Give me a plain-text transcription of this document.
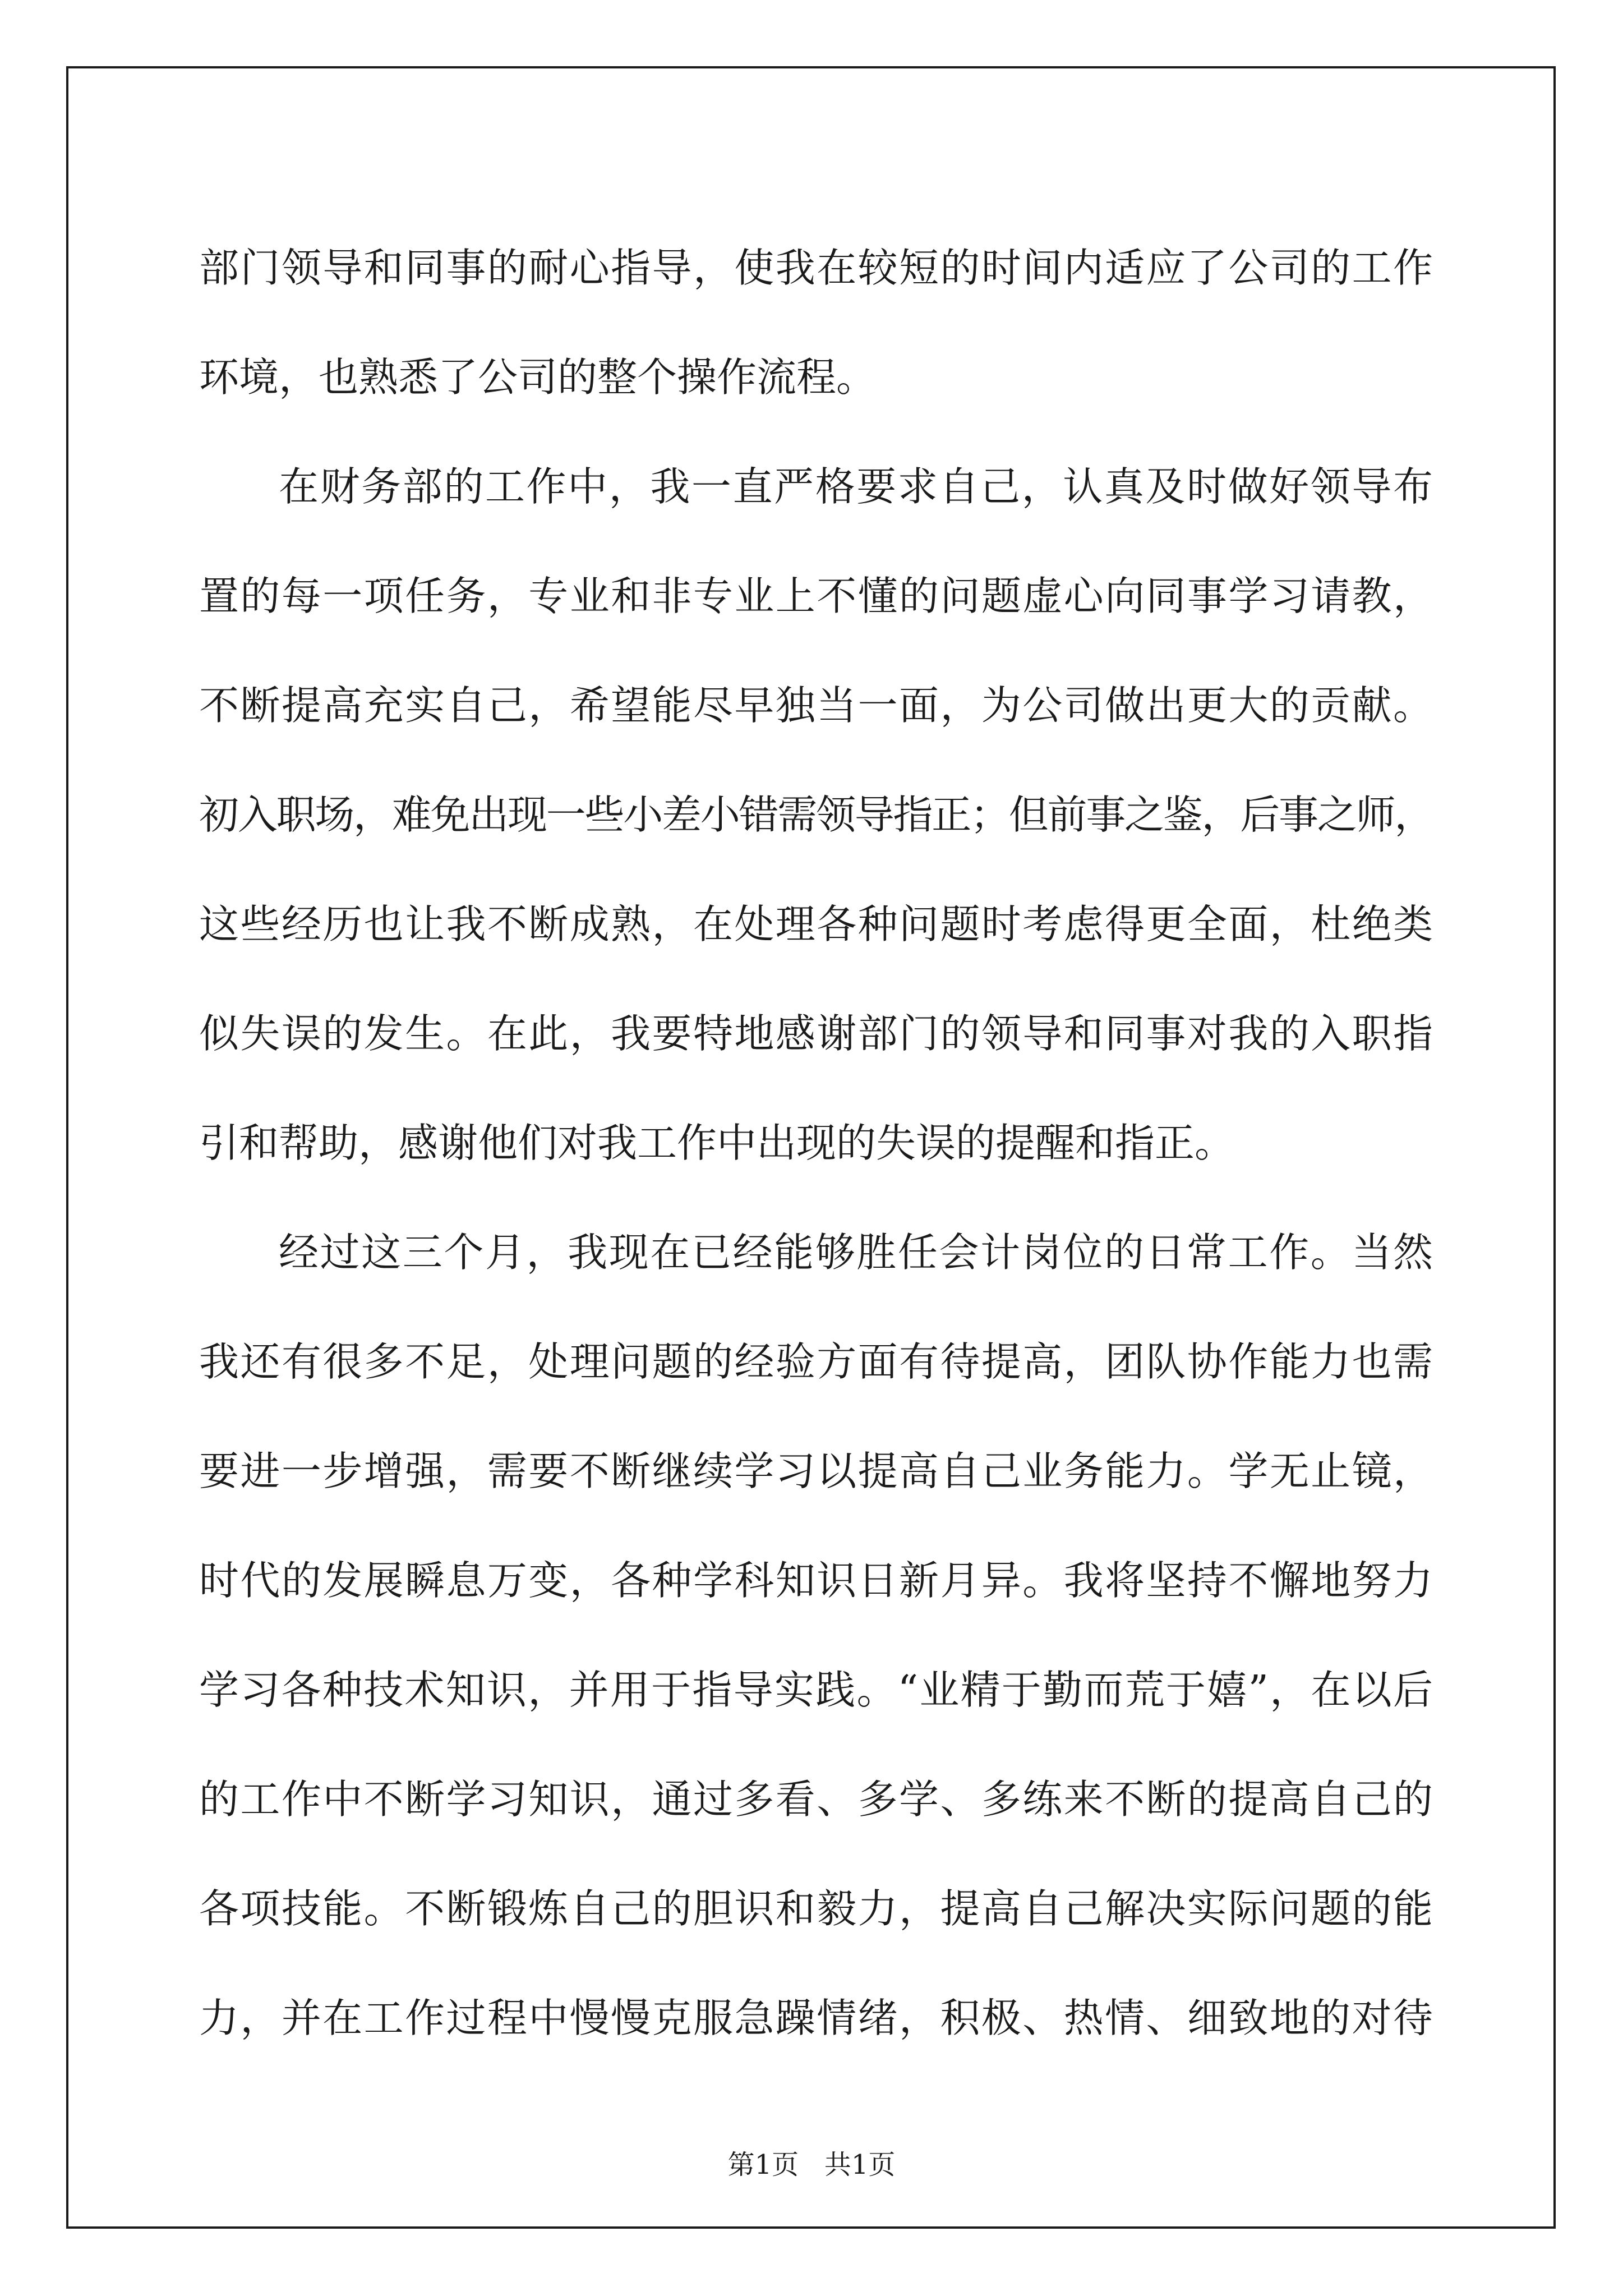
部门领导和同事的耐心指导，使我在较短的时间内适应了公司的工作
环境，也熟悉了公司的整个操作流程。
在财务部的工作中，我一直严格要求自己，认真及时做好领导布
置的每一项任务，专业和非专业上不懂的问题虚心向同事学习请教，
不断提高充实自己，希望能尽早独当一面，为公司做出更大的贡献。
初入职场，难免出现一些小差小错需领导指正；但前事之鉴，后事之师，
这些经历也让我不断成熟，在处理各种问题时考虑得更全面，杜绝类
似失误的发生。在此，我要特地感谢部门的领导和同事对我的入职指
引和帮助，感谢他们对我工作中出现的失误的提醒和指正。
经过这三个月，我现在已经能够胜任会计岗位的日常工作。当然
我还有很多不足，处理问题的经验方面有待提高，团队协作能力也需
要进一步增强，需要不断继续学习以提高自己业务能力。学无止镜，
时代的发展瞬息万变，各种学科知识日新月异。我将坚持不懈地努力
学习各种技术知识，并用于指导实践。“业精于勤而荒于嬉”，在以后
的工作中不断学习知识，通过多看、多学、多练来不断的提高自己的
各项技能。不断锻炼自己的胆识和毅力，提高自己解决实际问题的能
力，并在工作过程中慢慢克服急躁情绪，积极、热情、细致地的对待
第1页   共1页
